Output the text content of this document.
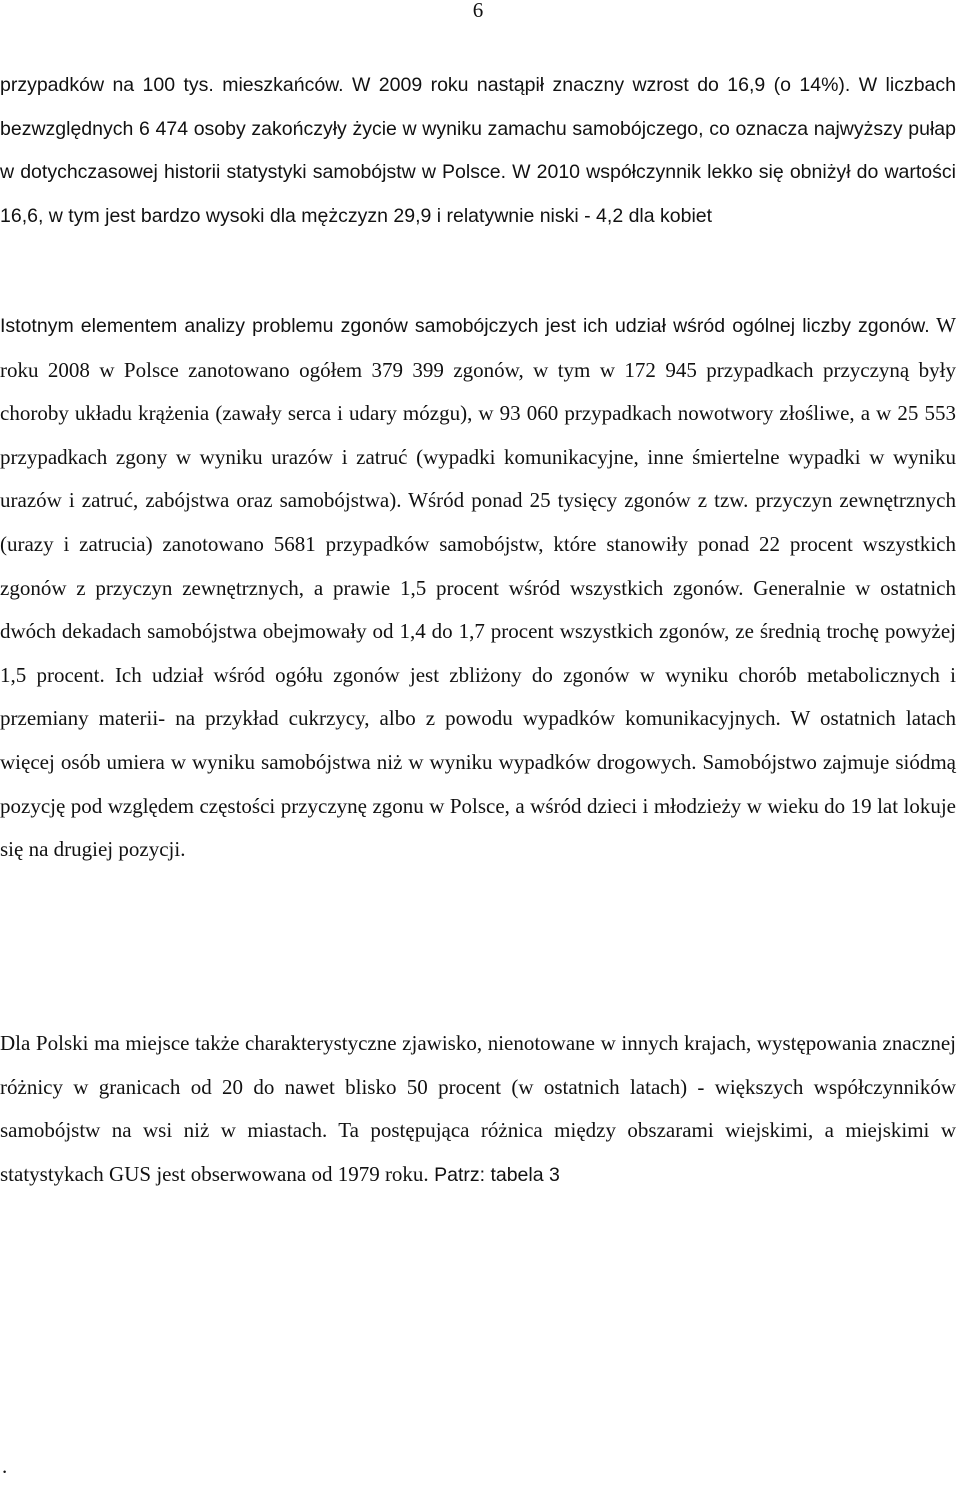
6

przypadków na 100 tys. mieszkańców. W 2009 roku nastąpił znaczny wzrost do 16,9 (o 14%). W liczbach bezwzględnych 6 474 osoby zakończyły życie w wyniku zamachu samobójczego, co oznacza najwyższy pułap w dotychczasowej historii statystyki samobójstw w Polsce. W 2010 współczynnik lekko się obniżył do wartości 16,6, w tym jest bardzo wysoki dla mężczyzn 29,9 i relatywnie niski - 4,2 dla kobiet

Istotnym elementem analizy problemu zgonów samobójczych jest ich udział wśród ogólnej liczby zgonów. W roku 2008 w Polsce zanotowano ogółem 379 399 zgonów, w tym w 172 945 przypadkach przyczyną były choroby układu krążenia (zawały serca i udary mózgu), w 93 060 przypadkach nowotwory złośliwe, a w 25 553 przypadkach zgony w wyniku urazów i zatruć (wypadki komunikacyjne, inne śmiertelne wypadki w wyniku urazów i zatruć, zabójstwa oraz samobójstwa). Wśród ponad 25 tysięcy zgonów z tzw. przyczyn zewnętrznych (urazy i zatrucia) zanotowano 5681 przypadków samobójstw, które stanowiły ponad 22 procent wszystkich zgonów z przyczyn zewnętrznych, a prawie 1,5 procent wśród wszystkich zgonów. Generalnie w ostatnich dwóch dekadach samobójstwa obejmowały od 1,4 do 1,7 procent wszystkich zgonów, ze średnią trochę powyżej 1,5 procent. Ich udział wśród ogółu zgonów jest zbliżony do zgonów w wyniku chorób metabolicznych i przemiany materii- na przykład cukrzycy, albo z powodu wypadków komunikacyjnych. W ostatnich latach więcej osób umiera w wyniku samobójstwa niż w wyniku wypadków drogowych. Samobójstwo zajmuje siódmą pozycję pod względem częstości przyczynę zgonu w Polsce, a wśród dzieci i młodzieży w wieku do 19 lat lokuje się na drugiej pozycji.

Dla Polski ma miejsce także charakterystyczne zjawisko, nienotowane w innych krajach, występowania znacznej różnicy w granicach od 20 do nawet blisko 50 procent (w ostatnich latach) - większych współczynników samobójstw na wsi niż w miastach. Ta postępująca różnica między obszarami wiejskimi, a miejskimi w statystykach GUS jest obserwowana od 1979 roku. Patrz: tabela 3

.
